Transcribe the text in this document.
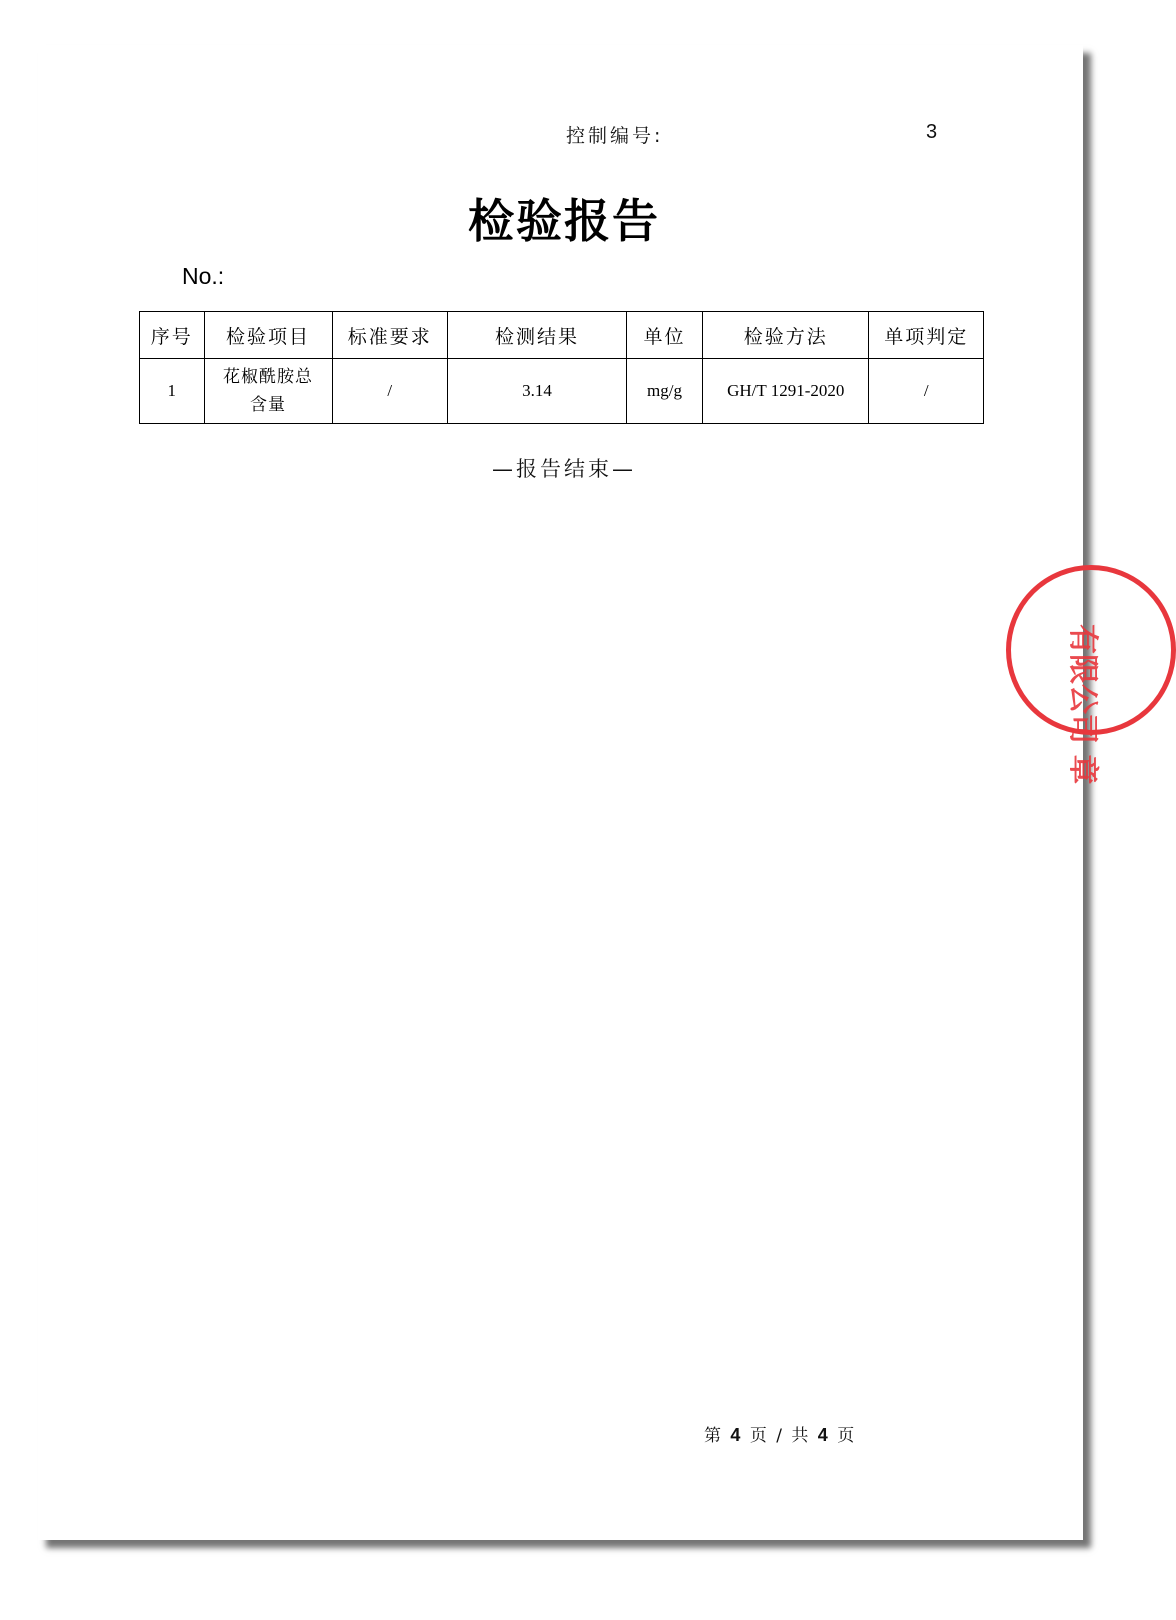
控制编号:	3
检验报告
No.:
序号	检验项目	标准要求	检测结果	单位	检验方法	单项判定
1	花椒酰胺总含量	/	3.14	mg/g	GH/T 1291-2020	/
—报告结束—
有限公司 章
第 4 页 / 共 4 页
